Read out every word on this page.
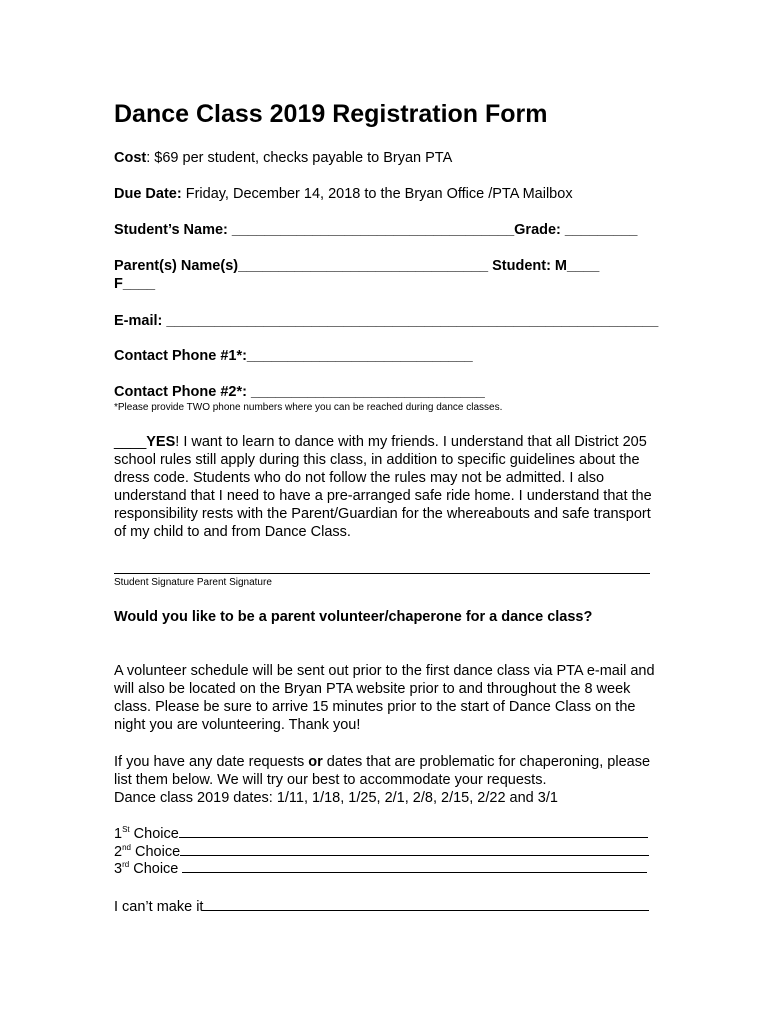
Dance Class 2019 Registration Form
Cost: $69 per student, checks payable to Bryan PTA
Due Date: Friday, December 14, 2018 to the Bryan Office /PTA Mailbox
Student’s Name: ___________________________________Grade: _________
Parent(s) Name(s)_______________________________ Student: M____
F____
E-mail: _____________________________________________________________
Contact Phone #1*:____________________________
Contact Phone #2*: _____________________________
*Please provide TWO phone numbers where you can be reached during dance classes.
____YES! I want to learn to dance with my friends. I understand that all District 205 school rules still apply during this class, in addition to specific guidelines about the dress code. Students who do not follow the rules may not be admitted. I also understand that I need to have a pre-arranged safe ride home. I understand that the responsibility rests with the Parent/Guardian for the whereabouts and safe transport of my child to and from Dance Class.
Student Signature Parent Signature
Would you like to be a parent volunteer/chaperone for a dance class?
A volunteer schedule will be sent out prior to the first dance class via PTA e-mail and will also be located on the Bryan PTA website prior to and throughout the 8 week class. Please be sure to arrive 15 minutes prior to the start of Dance Class on the night you are volunteering. Thank you!
If you have any date requests or dates that are problematic for chaperoning, please list them below. We will try our best to accommodate your requests.
Dance class 2019 dates: 1/11, 1/18, 1/25, 2/1, 2/8, 2/15, 2/22 and 3/1
1St Choice
2nd Choice
3rd Choice
I can’t make it
